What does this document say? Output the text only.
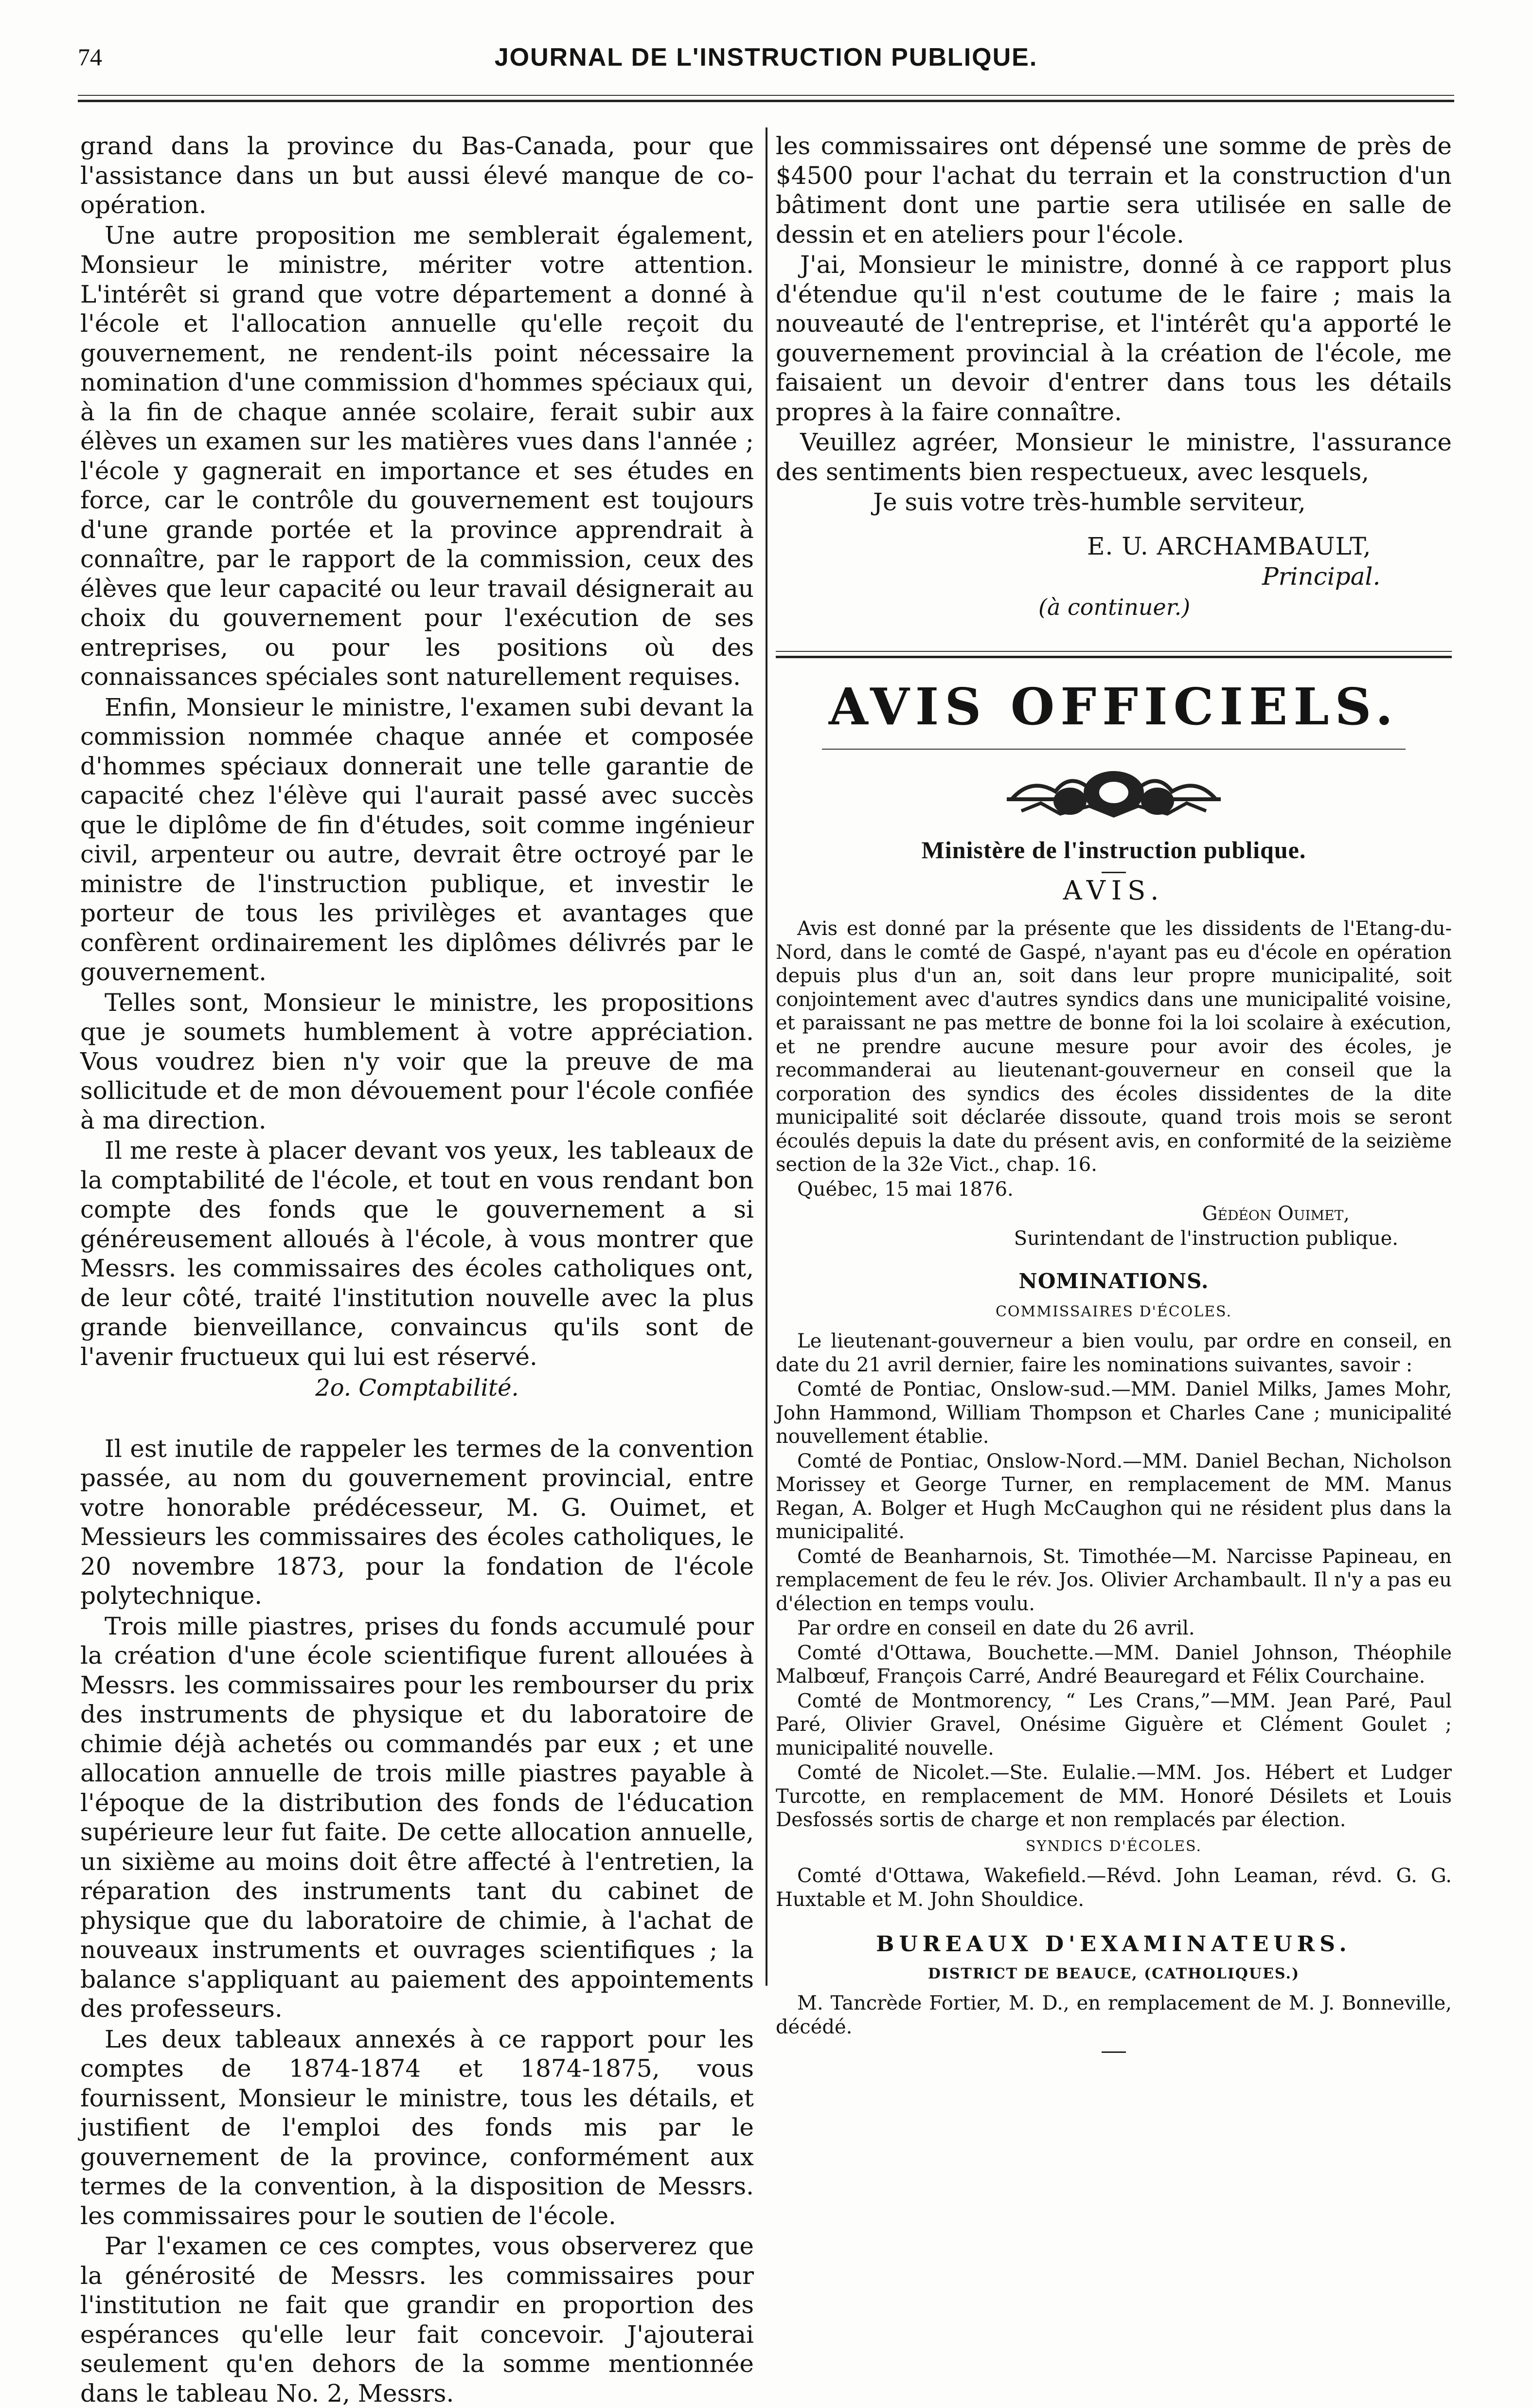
74	JOURNAL DE L'INSTRUCTION PUBLIQUE.

grand dans la province du Bas-Canada, pour que l'assistance dans un but aussi élevé manque de co-opération.

Une autre proposition me semblerait également, Monsieur le ministre, mériter votre attention. L'intérêt si grand que votre département a donné à l'école et l'allocation annuelle qu'elle reçoit du gouvernement, ne rendent-ils point nécessaire la nomination d'une commission d'hommes spéciaux qui, à la fin de chaque année scolaire, ferait subir aux élèves un examen sur les matières vues dans l'année ; l'école y gagnerait en importance et ses études en force, car le contrôle du gouvernement est toujours d'une grande portée et la province apprendrait à connaître, par le rapport de la commission, ceux des élèves que leur capacité ou leur travail désignerait au choix du gouvernement pour l'exécution de ses entreprises, ou pour les positions où des connaissances spéciales sont naturellement requises.

Enfin, Monsieur le ministre, l'examen subi devant la commission nommée chaque année et composée d'hommes spéciaux donnerait une telle garantie de capacité chez l'élève qui l'aurait passé avec succès que le diplôme de fin d'études, soit comme ingénieur civil, arpenteur ou autre, devrait être octroyé par le ministre de l'instruction publique, et investir le porteur de tous les privilèges et avantages que confèrent ordinairement les diplômes délivrés par le gouvernement.

Telles sont, Monsieur le ministre, les propositions que je soumets humblement à votre appréciation. Vous voudrez bien n'y voir que la preuve de ma sollicitude et de mon dévouement pour l'école confiée à ma direction.

Il me reste à placer devant vos yeux, les tableaux de la comptabilité de l'école, et tout en vous rendant bon compte des fonds que le gouvernement a si généreusement alloués à l'école, à vous montrer que Messrs. les commissaires des écoles catholiques ont, de leur côté, traité l'institution nouvelle avec la plus grande bienveillance, convaincus qu'ils sont de l'avenir fructueux qui lui est réservé.

2o. Comptabilité.

Il est inutile de rappeler les termes de la convention passée, au nom du gouvernement provincial, entre votre honorable prédécesseur, M. G. Ouimet, et Messieurs les commissaires des écoles catholiques, le 20 novembre 1873, pour la fondation de l'école polytechnique.

Trois mille piastres, prises du fonds accumulé pour la création d'une école scientifique furent allouées à Messrs. les commissaires pour les rembourser du prix des instruments de physique et du laboratoire de chimie déjà achetés ou commandés par eux ; et une allocation annuelle de trois mille piastres payable à l'époque de la distribution des fonds de l'éducation supérieure leur fut faite. De cette allocation annuelle, un sixième au moins doit être affecté à l'entretien, la réparation des instruments tant du cabinet de physique que du laboratoire de chimie, à l'achat de nouveaux instruments et ouvrages scientifiques ; la balance s'appliquant au paiement des appointements des professeurs.

Les deux tableaux annexés à ce rapport pour les comptes de 1874-1874 et 1874-1875, vous fournissent, Monsieur le ministre, tous les détails, et justifient de l'emploi des fonds mis par le gouvernement de la province, conformément aux termes de la convention, à la disposition de Messrs. les commissaires pour le soutien de l'école.

Par l'examen ce ces comptes, vous observerez que la générosité de Messrs. les commissaires pour l'institution ne fait que grandir en proportion des espérances qu'elle leur fait concevoir. J'ajouterai seulement qu'en dehors de la somme mentionnée dans le tableau No. 2, Messrs.

les commissaires ont dépensé une somme de près de $4500 pour l'achat du terrain et la construction d'un bâtiment dont une partie sera utilisée en salle de dessin et en ateliers pour l'école.

J'ai, Monsieur le ministre, donné à ce rapport plus d'étendue qu'il n'est coutume de le faire ; mais la nouveauté de l'entreprise, et l'intérêt qu'a apporté le gouvernement provincial à la création de l'école, me faisaient un devoir d'entrer dans tous les détails propres à la faire connaître.

Veuillez agréer, Monsieur le ministre, l'assurance des sentiments bien respectueux, avec lesquels,

Je suis votre très-humble serviteur,

E. U. ARCHAMBAULT,

Principal.

(à continuer.)

AVIS OFFICIELS.
Ministère de l'instruction publique.
AVIS.

Avis est donné par la présente que les dissidents de l'Etang-du-Nord, dans le comté de Gaspé, n'ayant pas eu d'école en opération depuis plus d'un an, soit dans leur propre municipalité, soit conjointement avec d'autres syndics dans une municipalité voisine, et paraissant ne pas mettre de bonne foi la loi scolaire à exécution, et ne prendre aucune mesure pour avoir des écoles, je recommanderai au lieutenant-gouverneur en conseil que la corporation des syndics des écoles dissidentes de la dite municipalité soit déclarée dissoute, quand trois mois se seront écoulés depuis la date du présent avis, en conformité de la seizième section de la 32e Vict., chap. 16.

Québec, 15 mai 1876.

Gédéon Ouimet,

Surintendant de l'instruction publique.

NOMINATIONS.
COMMISSAIRES D'ÉCOLES.

Le lieutenant-gouverneur a bien voulu, par ordre en conseil, en date du 21 avril dernier, faire les nominations suivantes, savoir :

Comté de Pontiac, Onslow-sud.—MM. Daniel Milks, James Mohr, John Hammond, William Thompson et Charles Cane ; municipalité nouvellement établie.

Comté de Pontiac, Onslow-Nord.—MM. Daniel Bechan, Nicholson Morissey et George Turner, en remplacement de MM. Manus Regan, A. Bolger et Hugh McCaughon qui ne résident plus dans la municipalité.

Comté de Beanharnois, St. Timothée—M. Narcisse Papineau, en remplacement de feu le rév. Jos. Olivier Archambault. Il n'y a pas eu d'élection en temps voulu.

Par ordre en conseil en date du 26 avril.

Comté d'Ottawa, Bouchette.—MM. Daniel Johnson, Théophile Malbœuf, François Carré, André Beauregard et Félix Courchaine.

Comté de Montmorency, “ Les Crans,”—MM. Jean Paré, Paul Paré, Olivier Gravel, Onésime Giguère et Clément Goulet ; municipalité nouvelle.

Comté de Nicolet.—Ste. Eulalie.—MM. Jos. Hébert et Ludger Turcotte, en remplacement de MM. Honoré Désilets et Louis Desfossés sortis de charge et non remplacés par élection.

SYNDICS D'ÉCOLES.

Comté d'Ottawa, Wakefield.—Révd. John Leaman, révd. G. G. Huxtable et M. John Shouldice.

BUREAUX D'EXAMINATEURS.
DISTRICT DE BEAUCE, (CATHOLIQUES.)

M. Tancrède Fortier, M. D., en remplacement de M. J. Bonneville, décédé.
